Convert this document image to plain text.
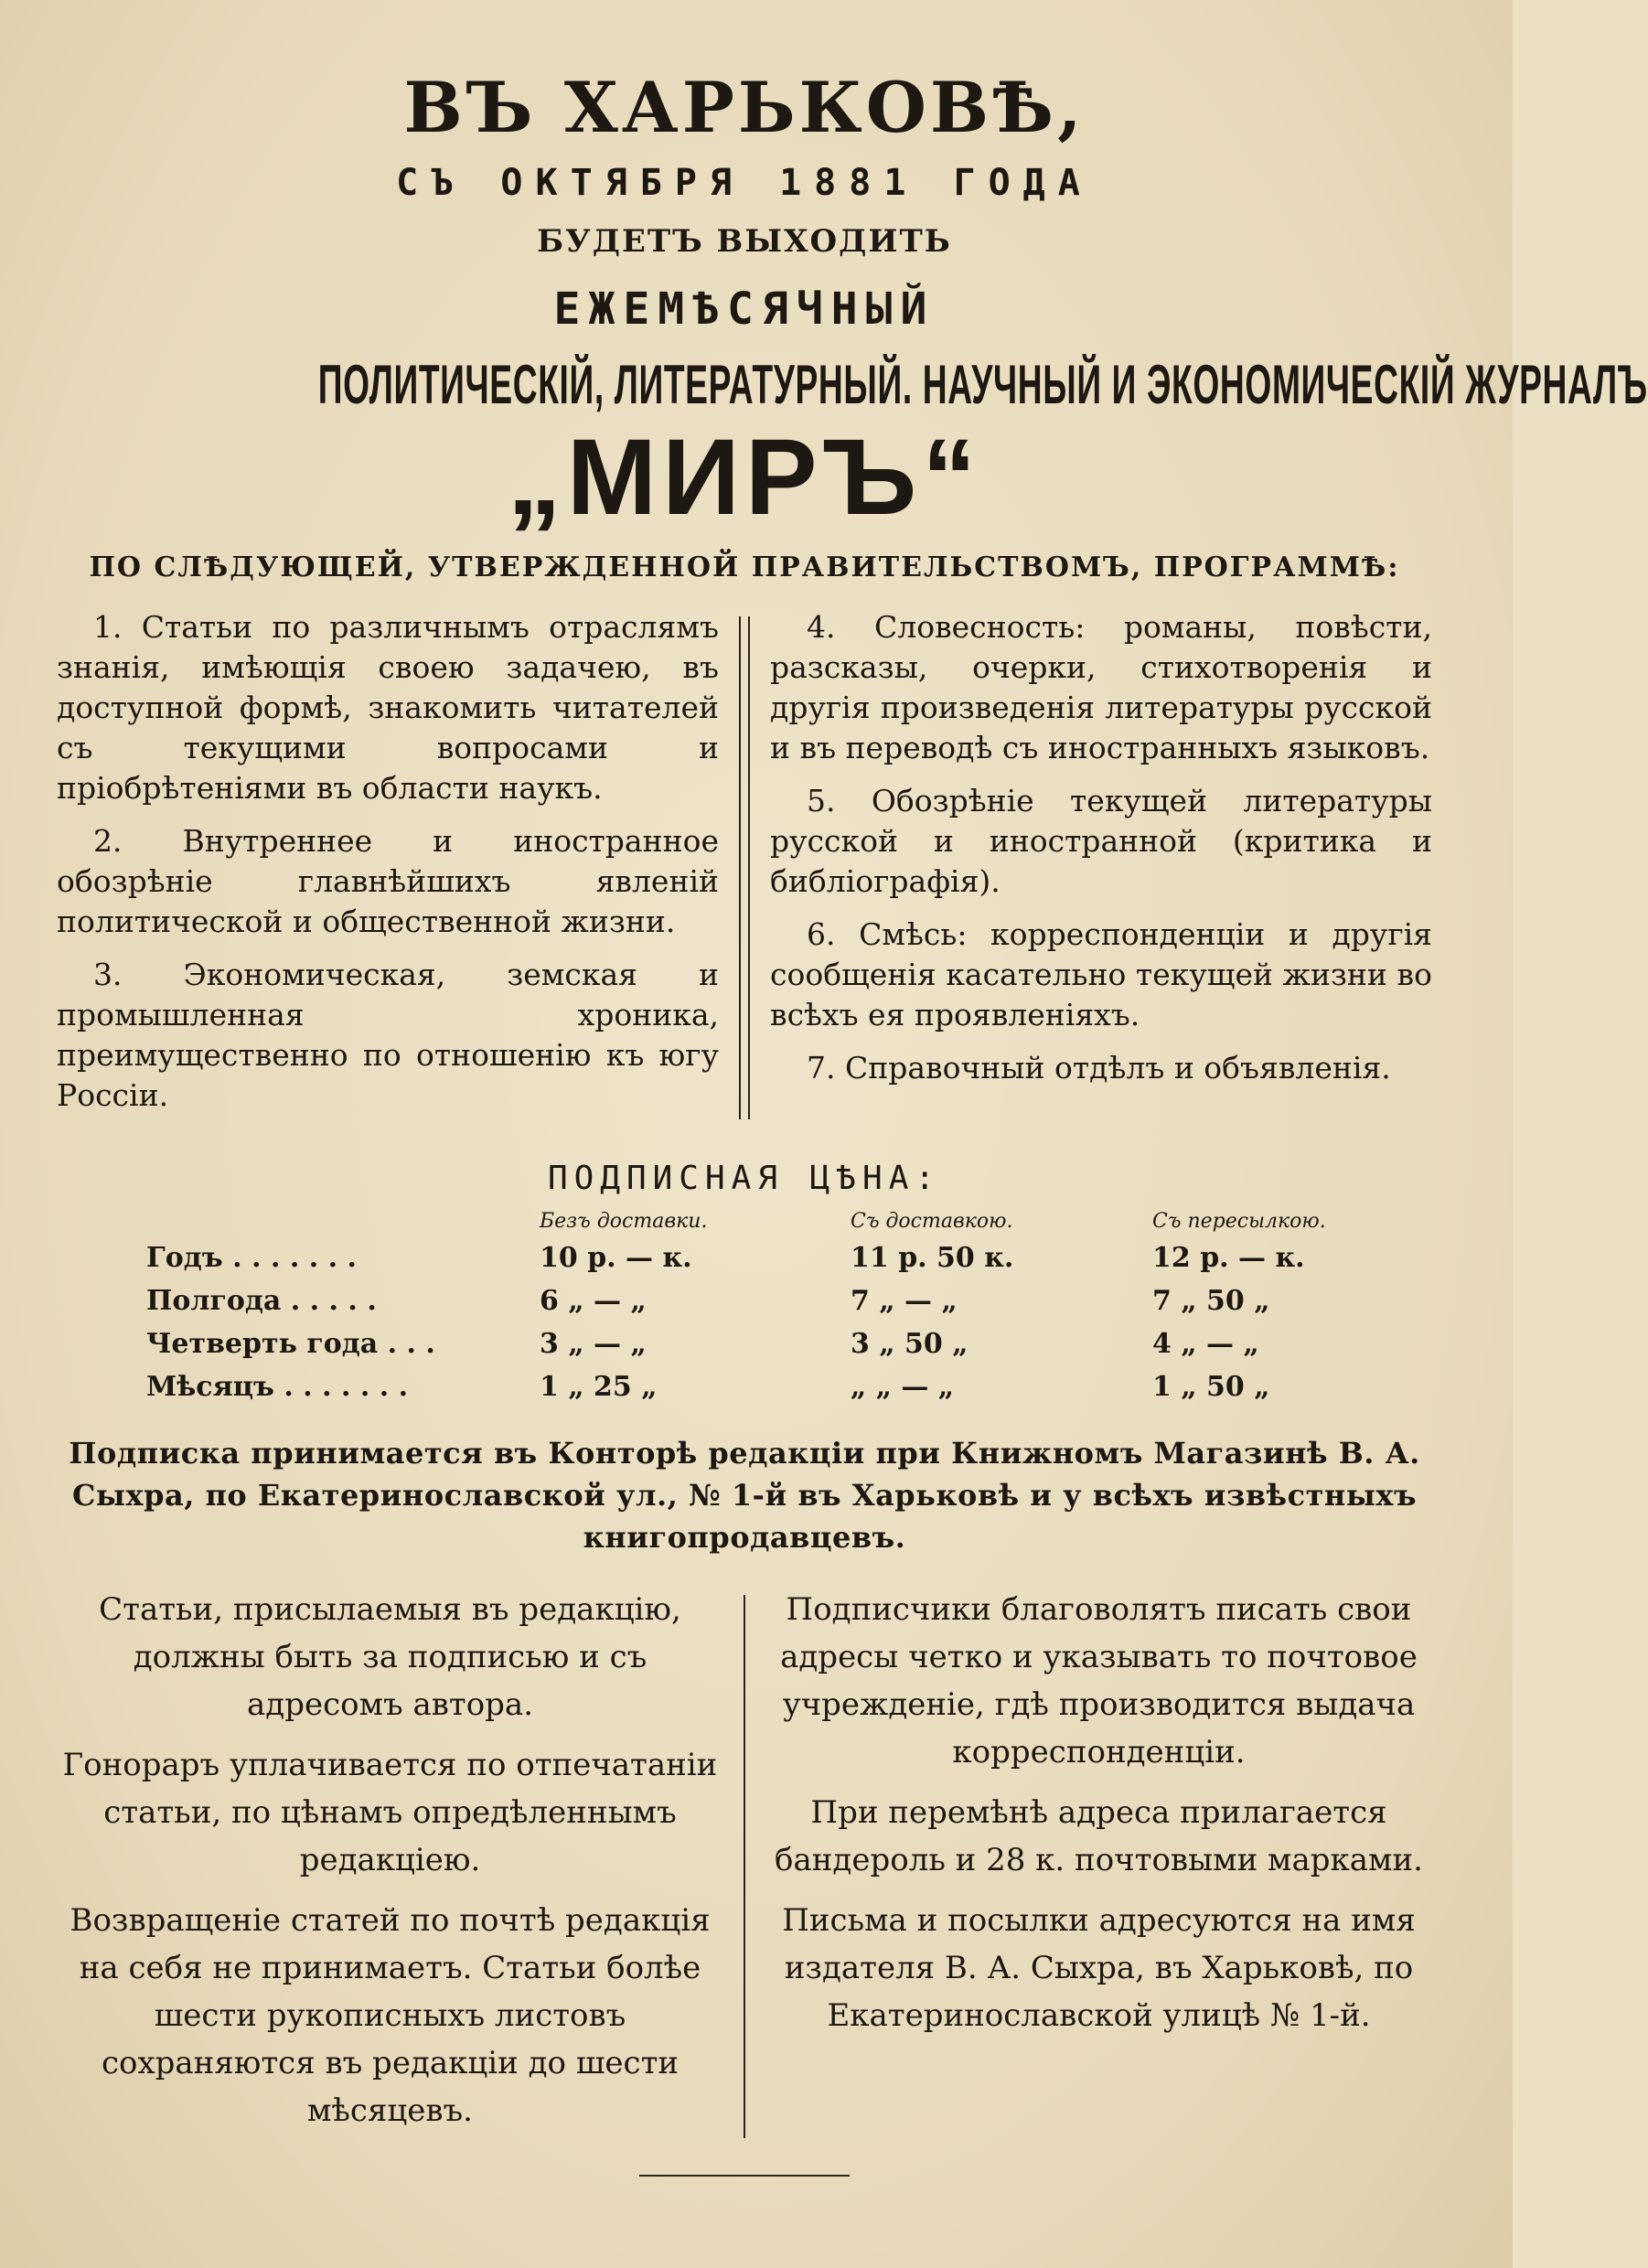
ВЪ ХАРЬКОВѢ,
СЪ ОКТЯБРЯ 1881 ГОДА
БУДЕТЪ ВЫХОДИТЬ
ЕЖЕМѢСЯЧНЫЙ
ПОЛИТИЧЕСКІЙ, ЛИТЕРАТУРНЫЙ. НАУЧНЫЙ И ЭКОНОМИЧЕСКІЙ ЖУРНАЛЪ
„МИРЪ“
ПО СЛѢДУЮЩЕЙ, УТВЕРЖДЕННОЙ ПРАВИТЕЛЬСТВОМЪ, ПРОГРАММѢ:

1. Статьи по различнымъ отраслямъ знанія, имѣющія своею задачею, въ доступной формѣ, знакомить читателей съ текущими вопросами и пріобрѣтеніями въ области наукъ.

2. Внутреннее и иностранное обозрѣніе главнѣйшихъ явленій политической и общественной жизни.

3. Экономическая, земская и промышленная хроника, преимущественно по отношенію къ югу Россіи.

4. Словесность: романы, повѣсти, разсказы, очерки, стихотворенія и другія произведенія литературы русской и въ переводѣ съ иностранныхъ языковъ.

5. Обозрѣніе текущей литературы русской и иностранной (критика и библіографія).

6. Смѣсь: корреспонденціи и другія сообщенія касательно текущей жизни во всѣхъ ея проявленіяхъ.

7. Справочный отдѣлъ и объявленія.

ПОДПИСНАЯ ЦѢНА:
	Безъ доставки.	Съ доставкою.	Съ пересылкою.
Годъ . . . . . . .	10 р. — к.	11 р. 50 к.	12 р. — к.
Полгода . . . . .	6 „ — „	7 „ — „	7 „ 50 „
Четверть года . . .	3 „ — „	3 „ 50 „	4 „ — „
Мѣсяцъ . . . . . . .	1 „ 25 „	„ „ — „	1 „ 50 „
Подписка принимается въ Конторѣ редакціи при Книжномъ Магазинѣ В. А. Сыхра, по Екатеринославской ул., № 1-й въ Харьковѣ и у всѣхъ извѣстныхъ книгопродавцевъ.

Статьи, присылаемыя въ редакцію, должны быть за подписью и съ адресомъ автора.

Гонораръ уплачивается по отпечатаніи статьи, по цѣнамъ опредѣленнымъ редакціею.

Возвращеніе статей по почтѣ редакція на себя не принимаетъ. Статьи болѣе шести рукописныхъ листовъ сохраняются въ редакціи до шести мѣсяцевъ.

Подписчики благоволятъ писать свои адресы четко и указывать то почтовое учрежденіе, гдѣ производится выдача корреспонденціи.

При перемѣнѣ адреса прилагается бандероль и 28 к. почтовыми марками.

Письма и посылки адресуются на имя издателя В. А. Сыхра, въ Харьковѣ, по Екатеринославской улицѣ № 1-й.
